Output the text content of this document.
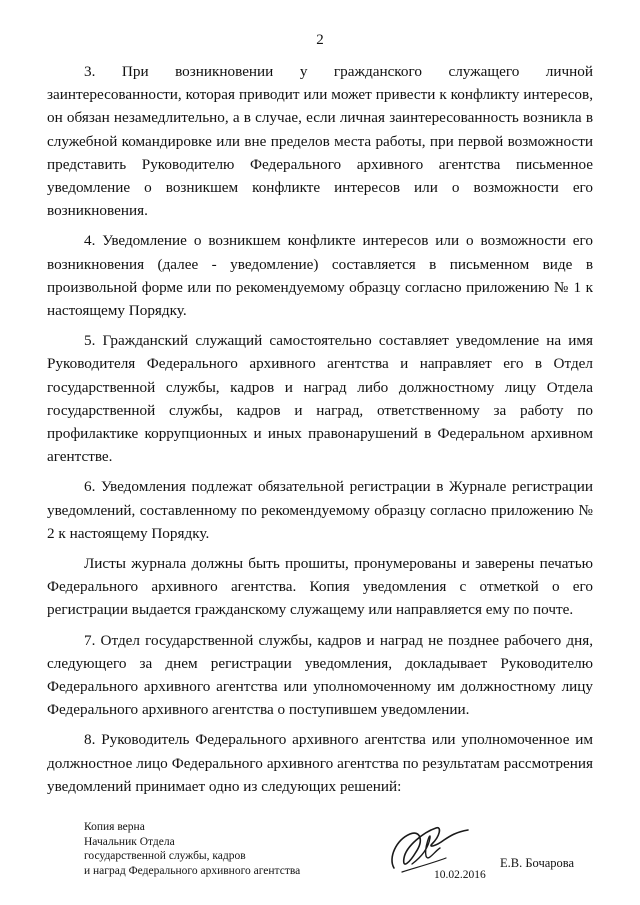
2

3. При возникновении у гражданского служащего личной заинтересованности, которая приводит или может привести к конфликту интересов, он обязан незамедлительно, а в случае, если личная заинтересованность возникла в служебной командировке или вне пределов места работы, при первой возможности представить Руководителю Федерального архивного агентства письменное уведомление о возникшем конфликте интересов или о возможности его возникновения.

4. Уведомление о возникшем конфликте интересов или о возможности его возникновения (далее - уведомление) составляется в письменном виде в произвольной форме или по рекомендуемому образцу согласно приложению № 1 к настоящему Порядку.

5. Гражданский служащий самостоятельно составляет уведомление на имя Руководителя Федерального архивного агентства и направляет его в Отдел государственной службы, кадров и наград либо должностному лицу Отдела государственной службы, кадров и наград, ответственному за работу по профилактике коррупционных и иных правонарушений в Федеральном архивном агентстве.

6. Уведомления подлежат обязательной регистрации в Журнале регистрации уведомлений, составленному по рекомендуемому образцу согласно приложению № 2 к настоящему Порядку.

Листы журнала должны быть прошиты, пронумерованы и заверены печатью Федерального архивного агентства. Копия уведомления с отметкой о его регистрации выдается гражданскому служащему или направляется ему по почте.

7. Отдел государственной службы, кадров и наград не позднее рабочего дня, следующего за днем регистрации уведомления, докладывает Руководителю Федерального архивного агентства или уполномоченному им должностному лицу Федерального архивного агентства о поступившем уведомлении.

8. Руководитель Федерального архивного агентства или уполномоченное им должностное лицо Федерального архивного агентства по результатам рассмотрения уведомлений принимает одно из следующих решений:

Копия верна
Начальник Отдела
государственной службы, кадров
и наград Федерального архивного агентства	10.02.2016
Е.В. Бочарова
